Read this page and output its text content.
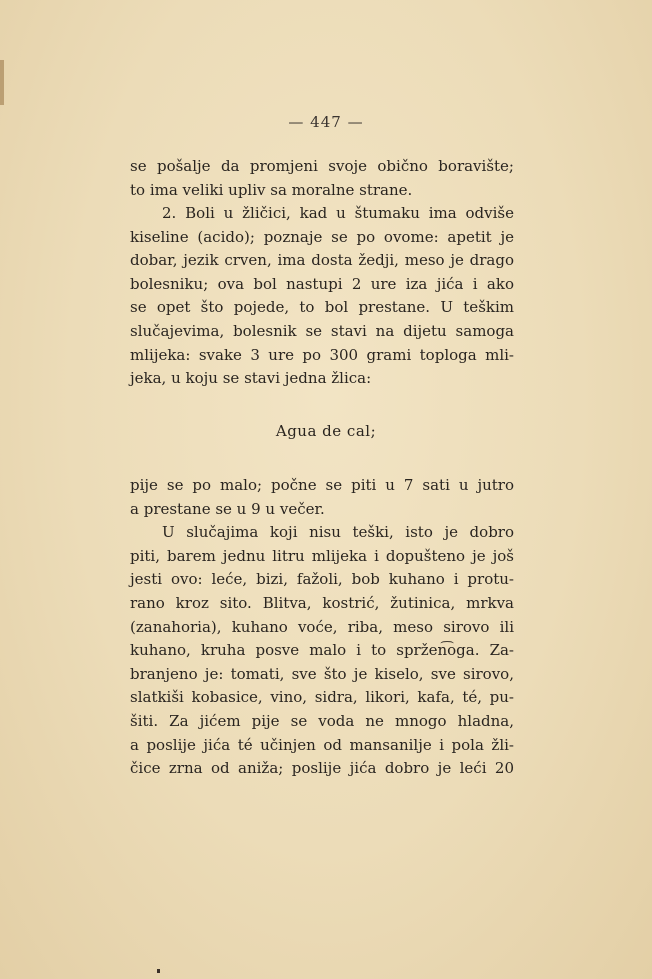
— 447 —
se pošalje da promjeni svoje obično boravište;
to ima veliki upliv sa moralne strane.
2. Boli u žličici, kad u štumaku ima odviše
kiseline (acido); poznaje se po ovome: apetit je
dobar, jezik crven, ima dosta žedji, meso je drago
bolesniku; ova bol nastupi 2 ure iza jića i ako
se opet što pojede, to bol prestane. U teškim
slučajevima, bolesnik se stavi na dijetu samoga
mlijeka: svake 3 ure po 300 grami toploga mli-
jeka, u koju se stavi jedna žlica:
Agua de cal;
pije se po malo; počne se piti u 7 sati u jutro
a prestane se u 9 u večer.
U slučajima koji nisu teški, isto je dobro
piti, barem jednu litru mlijeka i dopušteno je još
jesti ovo: leće, bizi, fažoli, bob kuhano i protu-
rano kroz sito. Blitva, kostrić, žutinica, mrkva
(zanahoria), kuhano voće, riba, meso sirovo ili
kuhano, kruha posve malo i to spržen͡oga. Za-
branjeno je: tomati, sve što je kiselo, sve sirovo,
slatkiši kobasice, vino, sidra, likori, kafa, té, pu-
šiti. Za jićem pije se voda ne mnogo hladna,
a poslije jića té učinjen od mansanilje i pola žli-
čice zrna od aniža; poslije jića dobro je leći 20
